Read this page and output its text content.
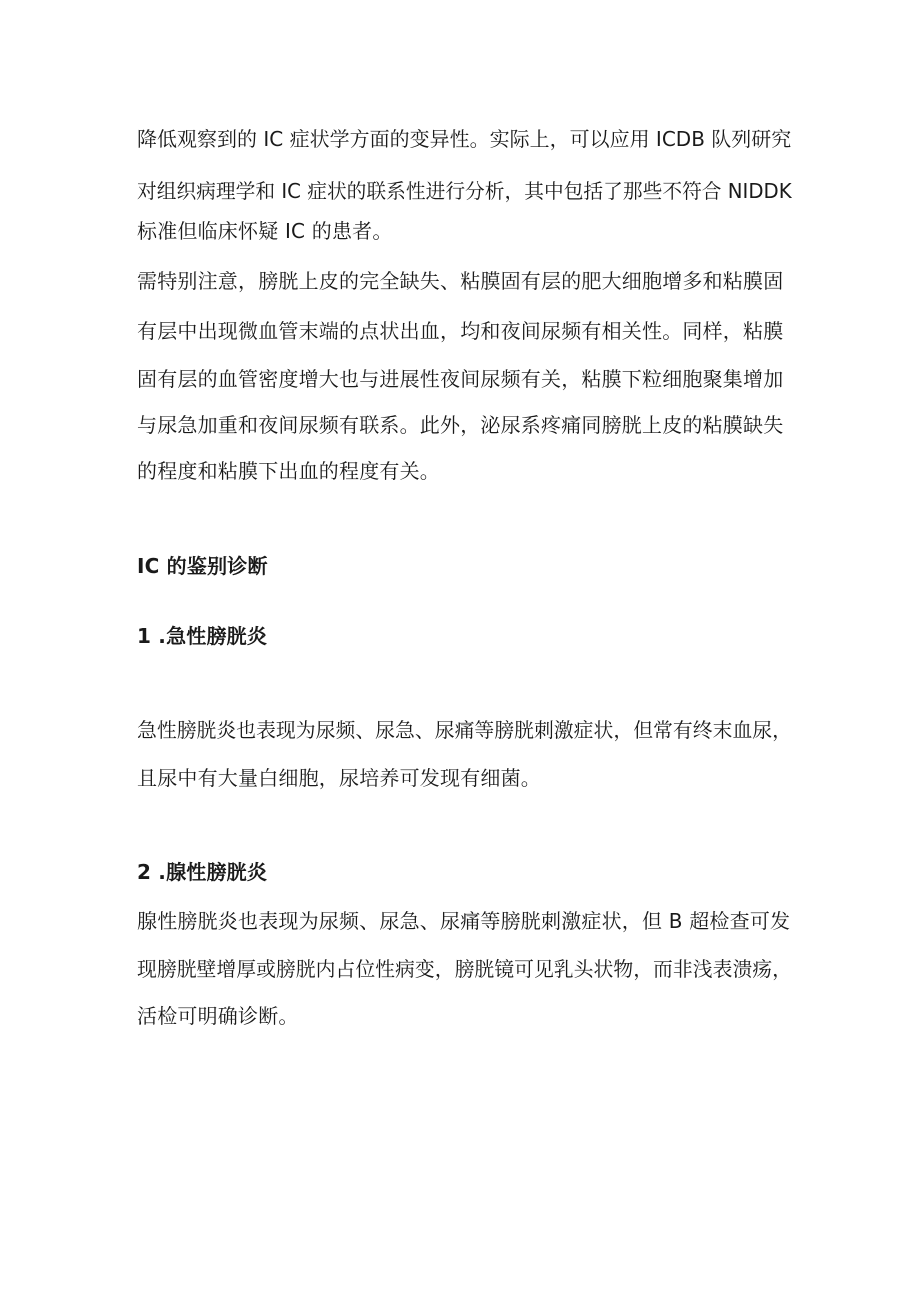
降低观察到的 IC 症状学方面的变异性。实际上，可以应用 ICDB 队列研究
对组织病理学和 IC 症状的联系性进行分析，其中包括了那些不符合 NIDDK
标准但临床怀疑 IC 的患者。
需特别注意，膀胱上皮的完全缺失、粘膜固有层的肥大细胞增多和粘膜固
有层中出现微血管末端的点状出血，均和夜间尿频有相关性。同样，粘膜
固有层的血管密度增大也与进展性夜间尿频有关，粘膜下粒细胞聚集增加
与尿急加重和夜间尿频有联系。此外，泌尿系疼痛同膀胱上皮的粘膜缺失
的程度和粘膜下出血的程度有关。
IC 的鉴别诊断
1 .急性膀胱炎
急性膀胱炎也表现为尿频、尿急、尿痛等膀胱刺激症状，但常有终末血尿，
且尿中有大量白细胞，尿培养可发现有细菌。
2 .腺性膀胱炎
腺性膀胱炎也表现为尿频、尿急、尿痛等膀胱刺激症状，但 B 超检查可发
现膀胱壁增厚或膀胱内占位性病变，膀胱镜可见乳头状物，而非浅表溃疡，
活检可明确诊断。
